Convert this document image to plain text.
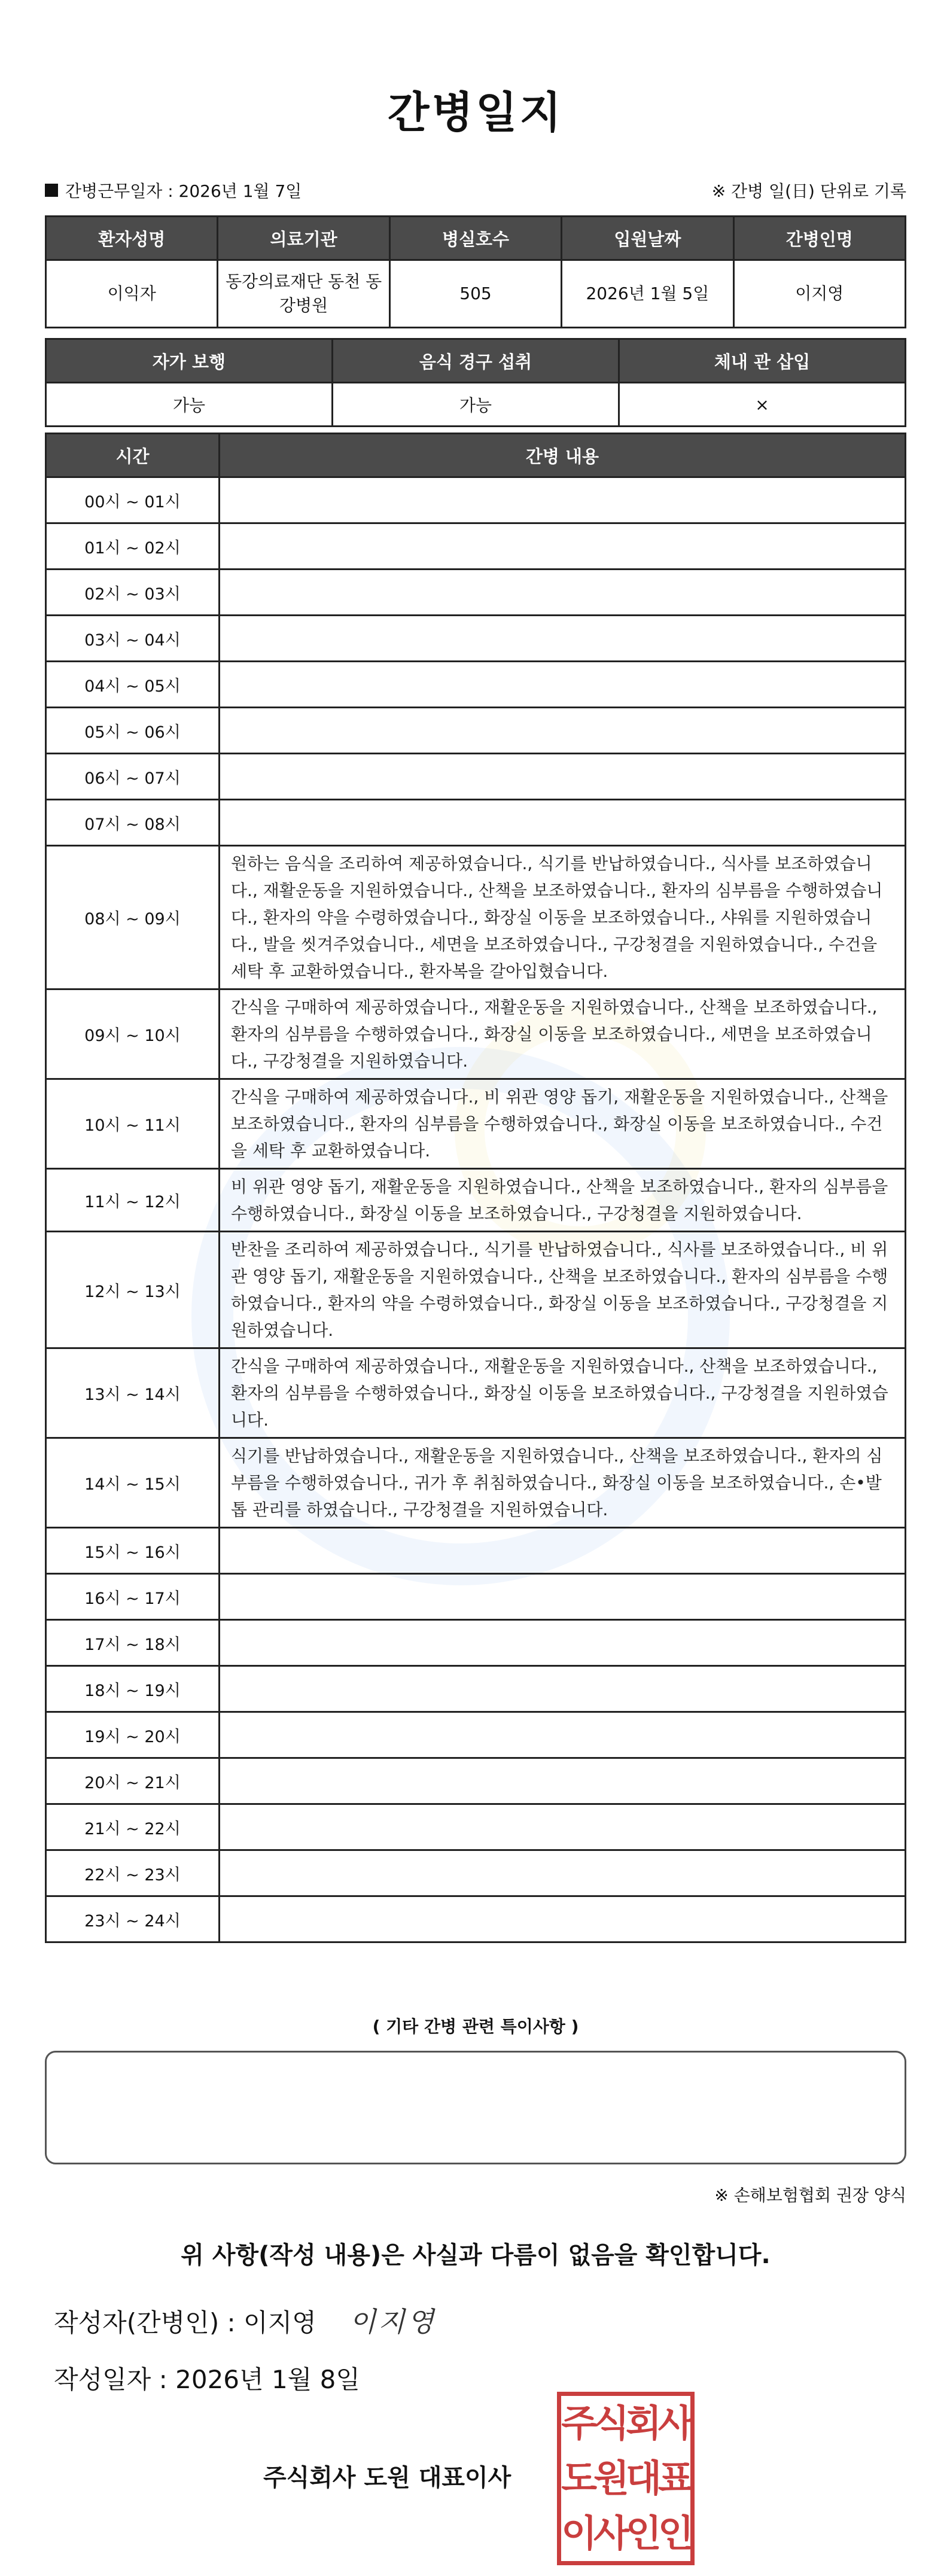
간병일지
간병근무일자 : 2026년 1월 7일	※ 간병 일(日) 단위로 기록
환자성명	의료기관	병실호수	입원날짜	간병인명
이익자	동강의료재단 동천 동강병원	505	2026년 1월 5일	이지영
자가 보행	음식 경구 섭취	체내 관 삽입
가능	가능	×
시간	간병 내용
00시 ~ 01시	
01시 ~ 02시	
02시 ~ 03시	
03시 ~ 04시	
04시 ~ 05시	
05시 ~ 06시	
06시 ~ 07시	
07시 ~ 08시	
08시 ~ 09시	원하는 음식을 조리하여 제공하였습니다., 식기를 반납하였습니다., 식사를 보조하였습니다., 재활운동을 지원하였습니다., 산책을 보조하였습니다., 환자의 심부름을 수행하였습니다., 환자의 약을 수령하였습니다., 화장실 이동을 보조하였습니다., 샤워를 지원하였습니다., 발을 씻겨주었습니다., 세면을 보조하였습니다., 구강청결을 지원하였습니다., 수건을 세탁 후 교환하였습니다., 환자복을 갈아입혔습니다.
09시 ~ 10시	간식을 구매하여 제공하였습니다., 재활운동을 지원하였습니다., 산책을 보조하였습니다., 환자의 심부름을 수행하였습니다., 화장실 이동을 보조하였습니다., 세면을 보조하였습니다., 구강청결을 지원하였습니다.
10시 ~ 11시	간식을 구매하여 제공하였습니다., 비 위관 영양 돕기, 재활운동을 지원하였습니다., 산책을 보조하였습니다., 환자의 심부름을 수행하였습니다., 화장실 이동을 보조하였습니다., 수건을 세탁 후 교환하였습니다.
11시 ~ 12시	비 위관 영양 돕기, 재활운동을 지원하였습니다., 산책을 보조하였습니다., 환자의 심부름을 수행하였습니다., 화장실 이동을 보조하였습니다., 구강청결을 지원하였습니다.
12시 ~ 13시	반찬을 조리하여 제공하였습니다., 식기를 반납하였습니다., 식사를 보조하였습니다., 비 위관 영양 돕기, 재활운동을 지원하였습니다., 산책을 보조하였습니다., 환자의 심부름을 수행하였습니다., 환자의 약을 수령하였습니다., 화장실 이동을 보조하였습니다., 구강청결을 지원하였습니다.
13시 ~ 14시	간식을 구매하여 제공하였습니다., 재활운동을 지원하였습니다., 산책을 보조하였습니다., 환자의 심부름을 수행하였습니다., 화장실 이동을 보조하였습니다., 구강청결을 지원하였습니다.
14시 ~ 15시	식기를 반납하였습니다., 재활운동을 지원하였습니다., 산책을 보조하였습니다., 환자의 심부름을 수행하였습니다., 귀가 후 취침하였습니다., 화장실 이동을 보조하였습니다., 손•발톱 관리를 하였습니다., 구강청결을 지원하였습니다.
15시 ~ 16시	
16시 ~ 17시	
17시 ~ 18시	
18시 ~ 19시	
19시 ~ 20시	
20시 ~ 21시	
21시 ~ 22시	
22시 ~ 23시	
23시 ~ 24시	
( 기타 간병 관련 특이사항 )
※ 손해보험협회 권장 양식
위 사항(작성 내용)은 사실과 다름이 없음을 확인합니다.
작성자(간병인) : 이지영 이지영
작성일자 : 2026년 1월 8일
주식회사 도원 대표이사
주식회사
도원대표
이사인인
